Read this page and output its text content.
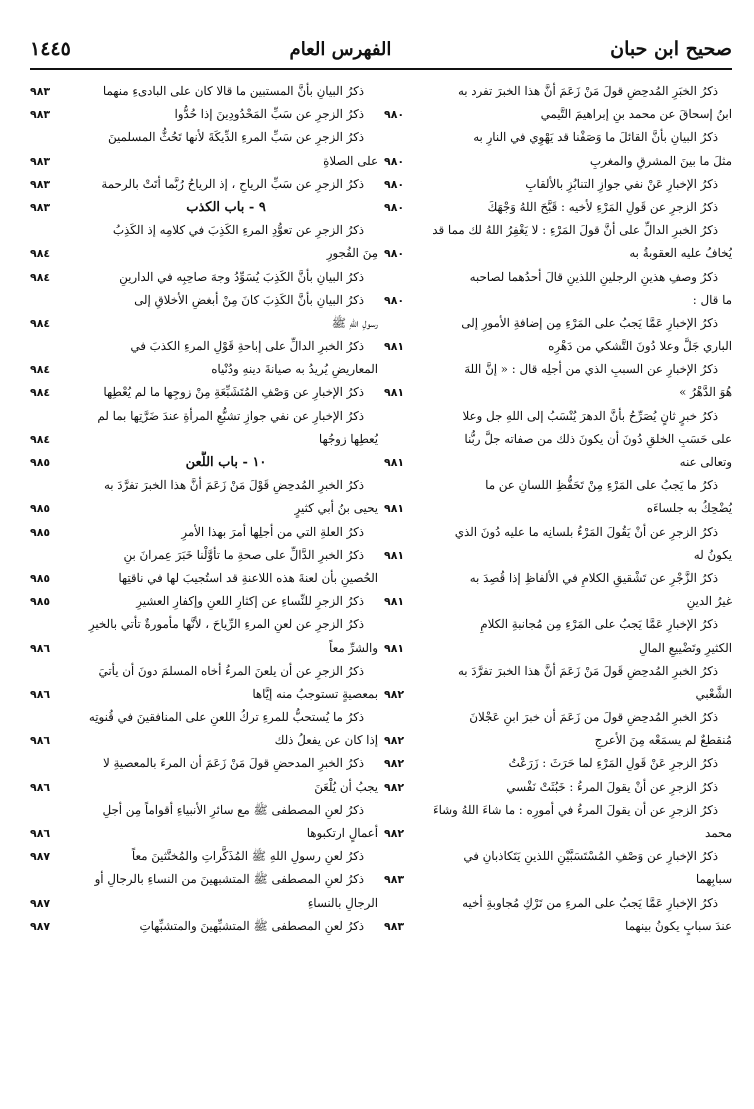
صحيح ابن حبان
الفهرس العام
١٤٤٥
ذكرُ الخبَرِ المُدحِضِ قولَ مَنْ زَعَمَ أنَّ هذا الخبرَ تفرد به
ابنُ إسحاقَ عن محمد بنِ إبراهيمَ التَّيمي
٩٨٠
ذكرُ البيانِ بأنَّ القائلَ ما وَصَفْنا قد يَهْوِي في النارِ به
مثلَ ما بينَ المشرقِ والمغربِ
٩٨٠
ذكرُ الإخبارِ عَنْ نفي جوازِ التنابُزِ بالألقابِ
٩٨٠
ذكرُ الزجرِ عن قَولِ المَرْءِ لأخيه : قَبَّحَ اللهُ وَجْهَكَ
٩٨٠
ذكرُ الخبرِ الدالِّ على أنَّ قولَ المَرْءِ : لا يَغْفِرُ اللهُ لك مما قد
يُخافُ عليه العقوبةُ به
٩٨٠
ذكرُ وصفِ هذينِ الرجلينِ اللذينِ قالَ أحدُهما لصاحبه
ما قال :
٩٨٠
ذكرُ الإخبارِ عَمَّا يَجبُ على المَرْءِ مِن إضافةِ الأمورِ إلى
الباري جَلَّ وعلا دُونَ التَّشكي من دَهْرِه
٩٨١
ذكرُ الإخبارِ عن السببِ الذي من أجلِه قال : « إنَّ اللهَ
هُوَ الدَّهْرُ »
٩٨١
ذكرُ خبرٍ ثانٍ يُصَرِّحُ بأنَّ الدهرَ يُنْسَبُ إلى اللهِ جل وعلا
على حَسَبِ الخلقِ دُونَ أن يكونَ ذلك من صفاته جلَّ ربُّنا
وتعالى عنه
٩٨١
ذكرُ ما يَجبُ على المَرْءِ مِنْ تَحَفُّظِ اللسانِ عن ما
يُضْحِكُ به جلساءَه
٩٨١
ذكرُ الزجرِ عن أنْ يَقُولَ المَرْءُ بلسانِه ما عليه دُونَ الذي
يكونُ له
٩٨١
ذكرُ الزَّجْرِ عن تَشْقيقِ الكلامِ في الألفاظِ إذا قُصِدَ به
غيرُ الدينِ
٩٨١
ذكرُ الإخبارِ عَمَّا يَجبُ على المَرْءِ مِن مُجانبةِ الكلامِ
الكثيرِ وتَضْييعِ المالِ
٩٨١
ذكرُ الخبرِ المُدحِضِ قَولَ مَنْ زَعَمَ أنَّ هذا الخبرَ تفرَّدَ به
الشَّعْبي
٩٨٢
ذكرُ الخبرِ المُدحِضِ قولَ من زَعَمَ أن خبرَ ابنِ عَجْلانَ
مُنقطعٌ لم يسمَعْه مِنَ الأعرجِ
٩٨٢
ذكرُ الزجرِ عَنْ قَولِ المَرْءِ لما حَرَثَ : زَرَعْتُ
٩٨٢
ذكرُ الزجرِ عن أنْ يقولَ المرءُ : خَبُثَتْ نَفْسي
٩٨٢
ذكرُ الزجرِ عن أن يقولَ المرءُ في أمورِه : ما شاءَ اللهُ وشاءَ
محمد
٩٨٢
ذكرُ الإخبارِ عن وَصْفِ المُسْتَسَبَّيْنِ اللذينِ يَتَكاذبانِ في
سبابِهما
٩٨٣
ذكرُ الإخبارِ عَمَّا يَجبُ على المرءِ من تَرْكِ مُجاوبةِ أخيه
عندَ سبابٍ يكونُ بينهما
٩٨٣
ذكرُ البيانِ بأنَّ المستبين ما قالا كان على البادىءِ منهما
٩٨٣
ذكرُ الزجرِ عن سَبِّ المَحْدُودِينَ إذا حُدُّوا
٩٨٣
ذكرُ الزجرِ عن سَبِّ المرءِ الدِّيكَةَ لأنها تَحُثُّ المسلمينَ
على الصلاةِ
٩٨٣
ذكرُ الزجرِ عن سَبِّ الرياحِ ، إذ الرياحُ رُبَّما أتَتْ بالرحمة
٩٨٣
٩ - باب الكذب
٩٨٣
ذكرُ الزجرِ عن تعوُّدِ المرءِ الكَذِبَ في كلامِه إذ الكَذِبُ
مِنَ الفُجورِ
٩٨٤
ذكرُ البيانِ بأنَّ الكَذِبَ يُسَوِّدُ وجهَ صاحِبِه في الدارينِ
٩٨٤
ذكرُ البيانِ بأنَّ الكَذِبَ كانَ مِنْ أبغضِ الأخلاقِ إلى
رسولِ اللهِ ﷺ
٩٨٤
ذكرُ الخبرِ الدالِّ على إباحةِ قَوْلِ المرءِ الكذبَ في
المعاريضِ يُريدُ به صيانةَ دينهِ ودُنْياه
٩٨٤
ذكرُ الإخبارِ عن وَصْفِ المُتَشَبِّعَةِ مِنْ زوجِها ما لم يُعْطِها
٩٨٤
ذكرُ الإخبارِ عن نفي جوازِ تشبُّعِ المرأةِ عندَ ضَرَّتِها بما لم
يُعطِها زوجُها
٩٨٤
١٠ - باب اللَّعن
٩٨٥
ذكرُ الخبرِ المُدحِضِ قَوْلَ مَنْ زَعَمَ أنَّ هذا الخبرَ تفرَّدَ به
يحيى بنُ أبي كثيرٍ
٩٨٥
ذكرُ العلةِ التي من أجلِها أمرَ بهذا الأمرِ
٩٨٥
ذكرُ الخبرِ الدَّالِّ على صحةِ ما تأوَّلْنا خَبَرَ عِمرانَ بنِ
الحُصينِ بأن لعنةَ هذه اللاعنةِ قد استُجيبَ لها في ناقتِها
٩٨٥
ذكرُ الزجرِ للنِّساءِ عن إكثارِ اللعنِ وإكفارِ العشيرِ
٩٨٥
ذكرُ الزجرِ عن لعنِ المرءِ الرِّياحَ ، لأنَّها مأمورةٌ تأتي بالخيرِ
والشرِّ معاً
٩٨٦
ذكرُ الزجرِ عن أن يلعنَ المرءُ أخاه المسلمَ دونَ أن يأتيَ
بمعصيةٍ تستوجبُ منه إيَّاها
٩٨٦
ذكرُ ما يُستحبُّ للمرءِ تركُ اللعنِ على المنافقينَ في قُنوتِه
إذا كان عن يفعلُ ذلك
٩٨٦
ذكرُ الخبرِ المدحضِ قولَ مَنْ زَعَمَ أن المرءَ بالمعصيةِ لا
يجبُ أن يُلْعَنَ
٩٨٦
ذكرُ لعنِ المصطفى ﷺ مع سائرِ الأنبياءِ أقواماً مِن أجلِ
أعمالٍ ارتكبوها
٩٨٦
ذكرُ لعنِ رسولِ اللهِ ﷺ المُذَكَّراتِ والمُخنَّثينَ معاً
٩٨٧
ذكرُ لعنِ المصطفى ﷺ المتشبهينَ من النساءِ بالرجالِ أو
الرجالِ بالنساءِ
٩٨٧
ذكرُ لعنِ المصطفى ﷺ المتشبِّهينَ والمتشبِّهاتِ
٩٨٧
